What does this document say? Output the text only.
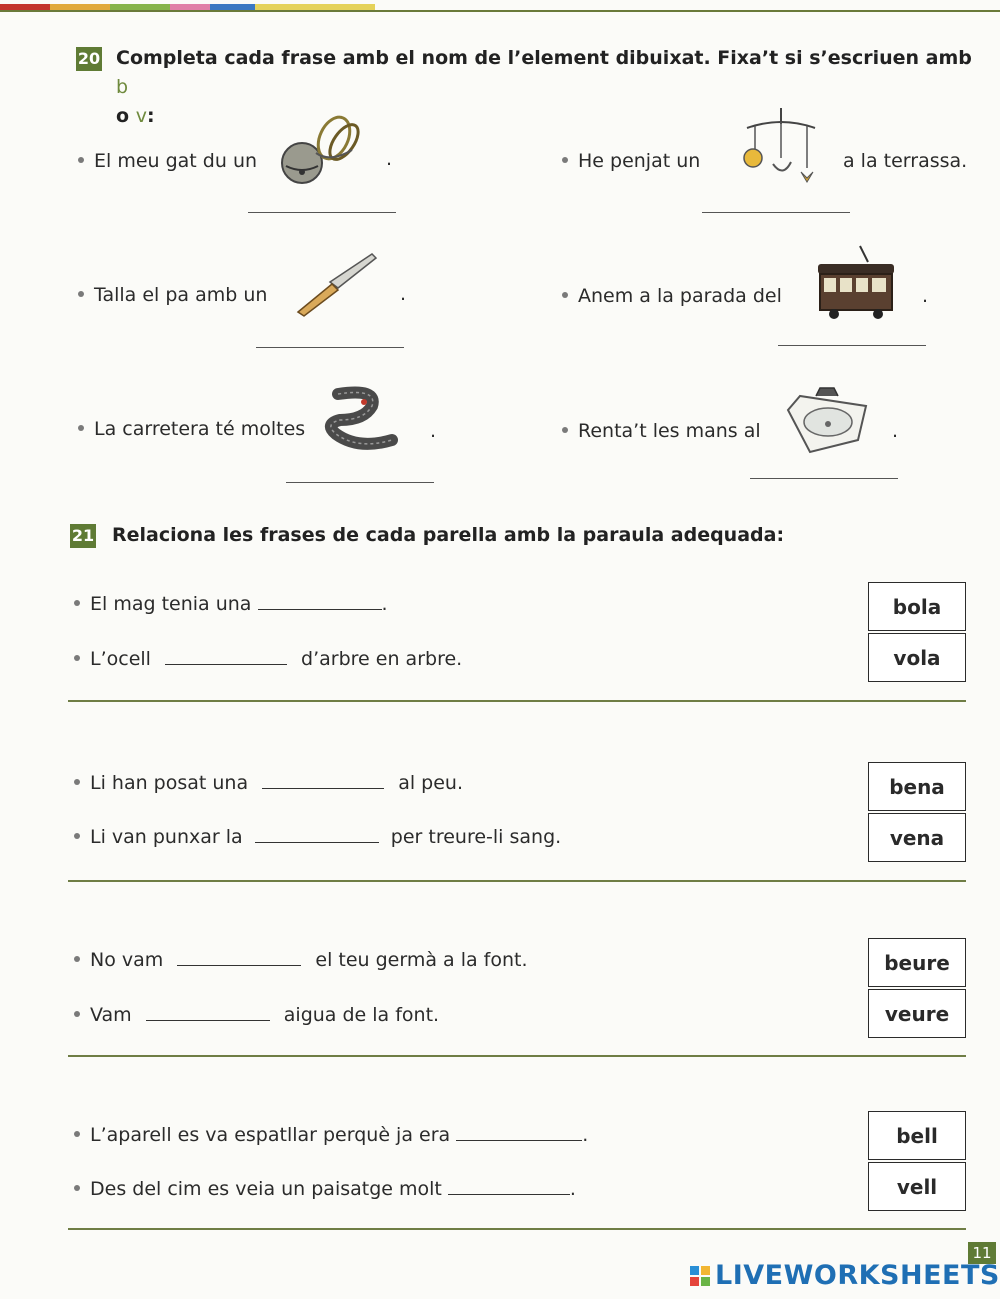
20 Completa cada frase amb el nom de l’element dibuixat. Fixa’t si s’escriuen amb b
o v:
El meu gat du un	.	He penjat un	a la terrassa.
Talla el pa amb un	.	Anem a la parada del	.
La carretera té moltes	.	Renta’t les mans al	.
21 Relaciona les frases de cada parella amb la paraula adequada:
El mag tenia una	.
L’ocell	d’arbre en arbre.
bola
vola
Li han posat una	al peu.
Li van punxar la	per treure-li sang.
bena
vena
No vam	el teu germà a la font.
Vam	aigua de la font.
beure
veure
L’aparell es va espatllar perquè ja era	.
Des del cim es veia un paisatge molt	.
bell
vell
11
LIVEWORKSHEETS
